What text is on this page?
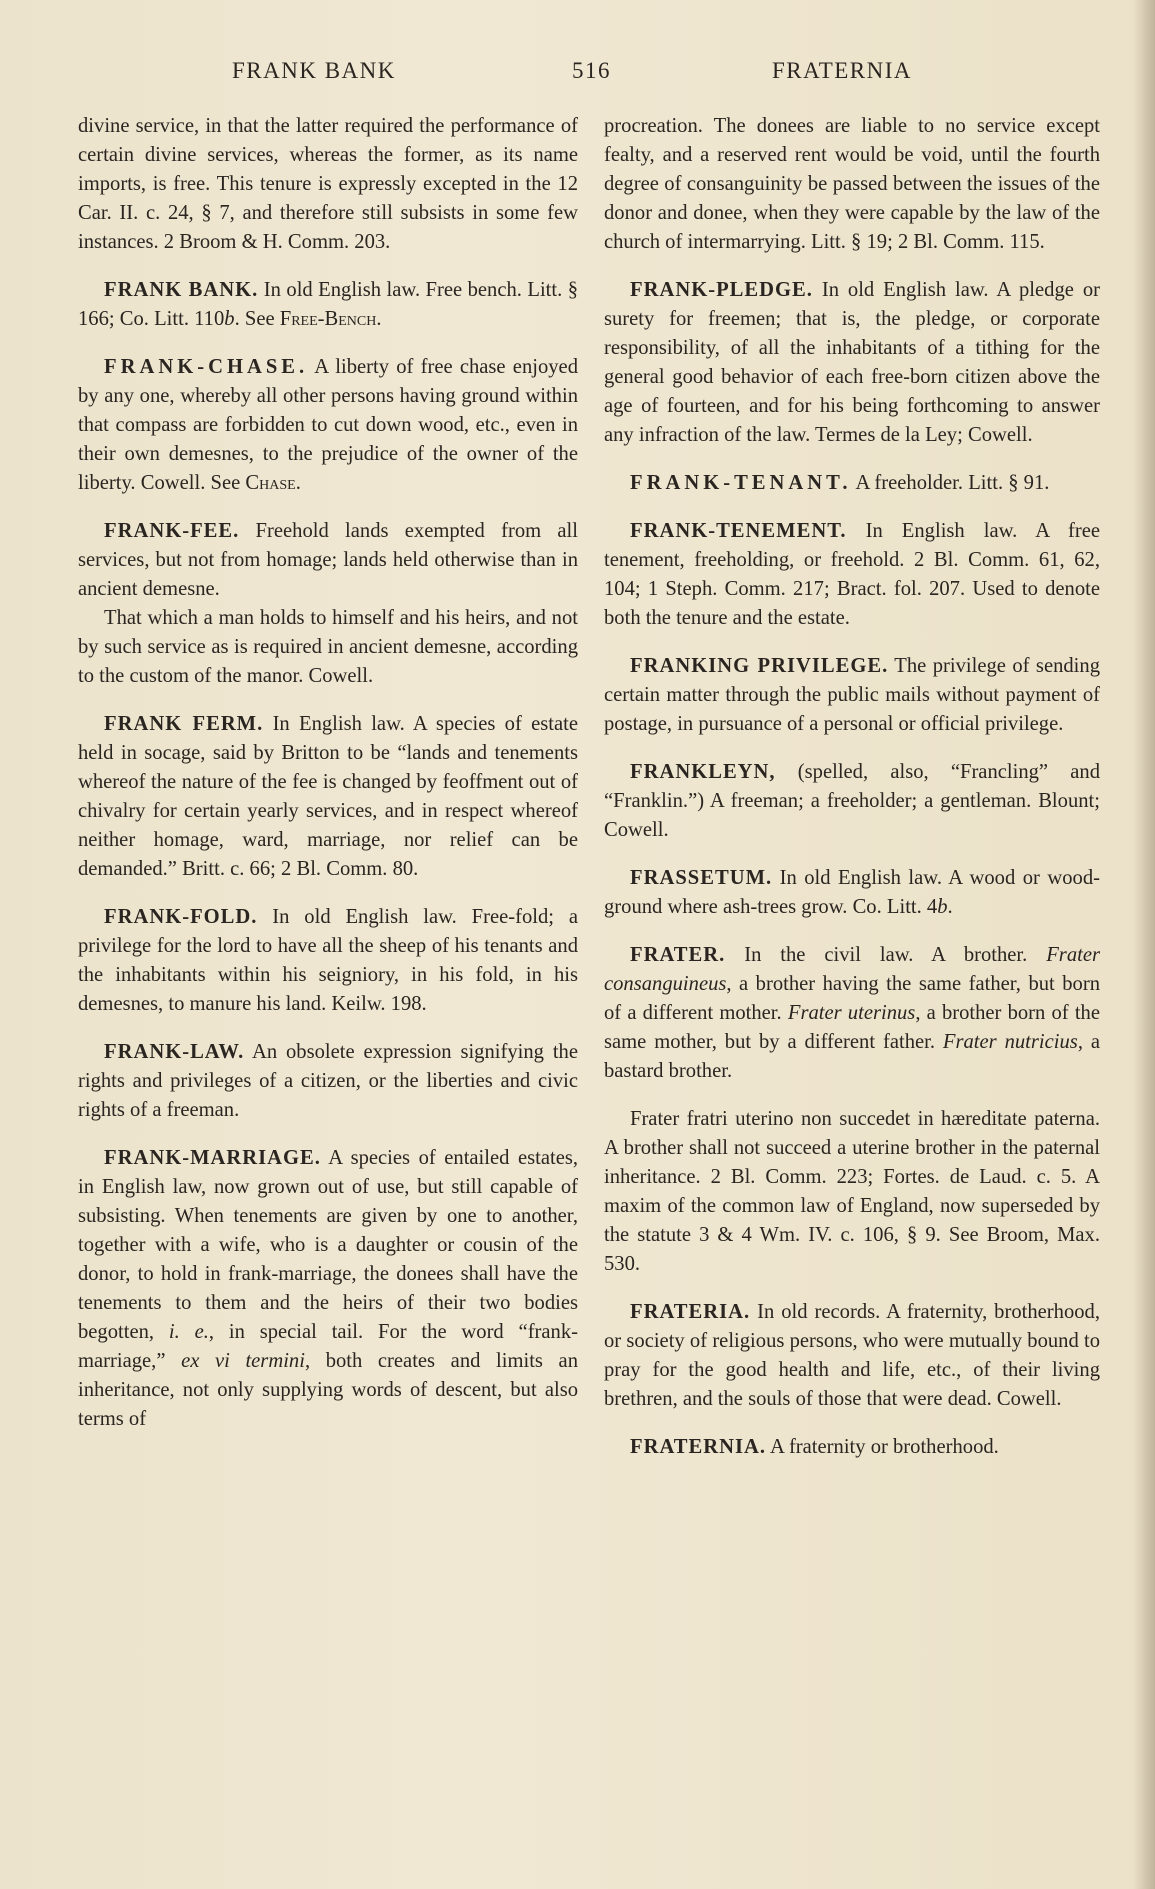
FRANK BANK	516	FRATERNIA

divine service, in that the latter required the performance of certain divine services, whereas the former, as its name imports, is free. This tenure is expressly excepted in the 12 Car. II. c. 24, § 7, and therefore still subsists in some few instances. 2 Broom & H. Comm. 203.

FRANK BANK. In old English law. Free bench. Litt. § 166; Co. Litt. 110b. See Free-Bench.

FRANK-CHASE. A liberty of free chase enjoyed by any one, whereby all other persons having ground within that compass are forbidden to cut down wood, etc., even in their own demesnes, to the prejudice of the owner of the liberty. Cowell. See Chase.

FRANK-FEE. Freehold lands exempted from all services, but not from homage; lands held otherwise than in ancient demesne.

That which a man holds to himself and his heirs, and not by such service as is required in ancient demesne, according to the custom of the manor. Cowell.

FRANK FERM. In English law. A species of estate held in socage, said by Britton to be “lands and tenements whereof the nature of the fee is changed by feoffment out of chivalry for certain yearly services, and in respect whereof neither homage, ward, marriage, nor relief can be demanded.” Britt. c. 66; 2 Bl. Comm. 80.

FRANK-FOLD. In old English law. Free-fold; a privilege for the lord to have all the sheep of his tenants and the inhabitants within his seigniory, in his fold, in his demesnes, to manure his land. Keilw. 198.

FRANK-LAW. An obsolete expression signifying the rights and privileges of a citizen, or the liberties and civic rights of a freeman.

FRANK-MARRIAGE. A species of entailed estates, in English law, now grown out of use, but still capable of subsisting. When tenements are given by one to another, together with a wife, who is a daughter or cousin of the donor, to hold in frank-marriage, the donees shall have the tenements to them and the heirs of their two bodies begotten, i. e., in special tail. For the word “frank-marriage,” ex vi termini, both creates and limits an inheritance, not only supplying words of descent, but also terms of

procreation. The donees are liable to no service except fealty, and a reserved rent would be void, until the fourth degree of consanguinity be passed between the issues of the donor and donee, when they were capable by the law of the church of intermarrying. Litt. § 19; 2 Bl. Comm. 115.

FRANK-PLEDGE. In old English law. A pledge or surety for freemen; that is, the pledge, or corporate responsibility, of all the inhabitants of a tithing for the general good behavior of each free-born citizen above the age of fourteen, and for his being forthcoming to answer any infraction of the law. Termes de la Ley; Cowell.

FRANK-TENANT. A freeholder. Litt. § 91.

FRANK-TENEMENT. In English law. A free tenement, freeholding, or freehold. 2 Bl. Comm. 61, 62, 104; 1 Steph. Comm. 217; Bract. fol. 207. Used to denote both the tenure and the estate.

FRANKING PRIVILEGE. The privilege of sending certain matter through the public mails without payment of postage, in pursuance of a personal or official privilege.

FRANKLEYN, (spelled, also, “Francling” and “Franklin.”) A freeman; a freeholder; a gentleman. Blount; Cowell.

FRASSETUM. In old English law. A wood or wood-ground where ash-trees grow. Co. Litt. 4b.

FRATER. In the civil law. A brother. Frater consanguineus, a brother having the same father, but born of a different mother. Frater uterinus, a brother born of the same mother, but by a different father. Frater nutricius, a bastard brother.

Frater fratri uterino non succedet in hæreditate paterna. A brother shall not succeed a uterine brother in the paternal inheritance. 2 Bl. Comm. 223; Fortes. de Laud. c. 5. A maxim of the common law of England, now superseded by the statute 3 & 4 Wm. IV. c. 106, § 9. See Broom, Max. 530.

FRATERIA. In old records. A fraternity, brotherhood, or society of religious persons, who were mutually bound to pray for the good health and life, etc., of their living brethren, and the souls of those that were dead. Cowell.

FRATERNIA. A fraternity or brotherhood.
